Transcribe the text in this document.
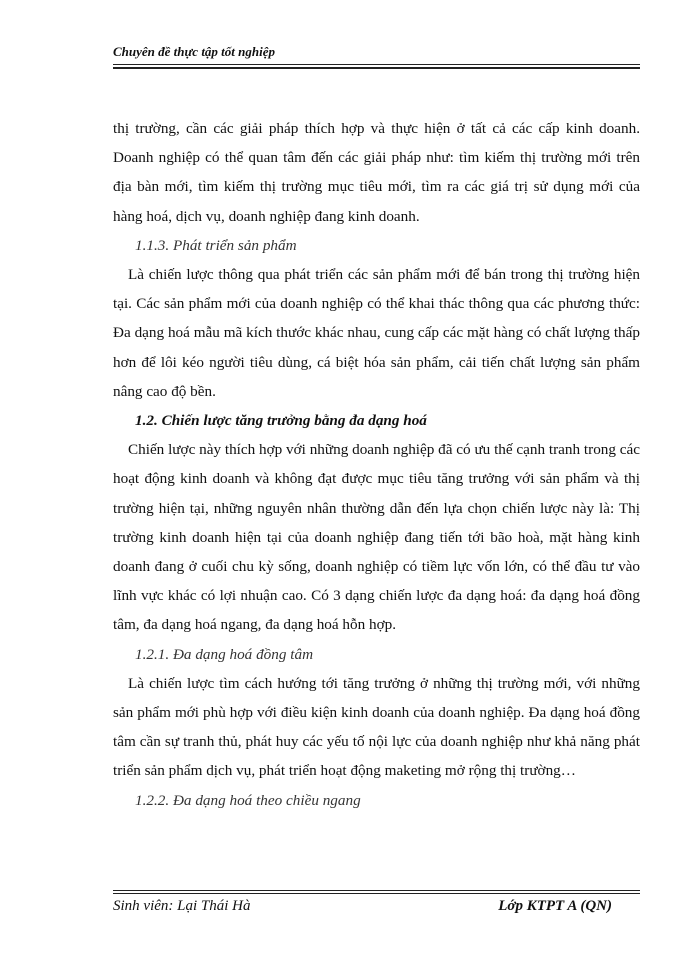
Chuyên đề thực tập tốt nghiệp

thị trường, cần các giải pháp thích hợp và thực hiện ở tất cả các cấp kinh doanh. Doanh nghiệp có thể quan tâm đến các giải pháp như: tìm kiếm thị trường mới trên địa bàn mới, tìm kiếm thị trường mục tiêu mới, tìm ra các giá trị sử dụng mới của hàng hoá, dịch vụ, doanh nghiệp đang kinh doanh.

1.1.3. Phát triển sản phẩm

Là chiến lược thông qua phát triển các sản phẩm mới để bán trong thị trường hiện tại. Các sản phẩm mới của doanh nghiệp có thể khai thác thông qua các phương thức: Đa dạng hoá mẫu mã kích thước khác nhau, cung cấp các mặt hàng có chất lượng thấp hơn để lôi kéo người tiêu dùng, cá biệt hóa sản phẩm, cải tiến chất lượng sản phẩm nâng cao độ bền.

1.2. Chiến lược tăng trưởng bằng đa dạng hoá

Chiến lược này thích hợp với những doanh nghiệp đã có ưu thế cạnh tranh trong các hoạt động kinh doanh và không đạt được mục tiêu tăng trưởng với sản phẩm và thị trường hiện tại, những nguyên nhân thường dẫn đến lựa chọn chiến lược này là: Thị trường kinh doanh hiện tại của doanh nghiệp đang tiến tới bão hoà, mặt hàng kinh doanh đang ở cuối chu kỳ sống, doanh nghiệp có tiềm lực vốn lớn, có thể đầu tư vào lĩnh vực khác có lợi nhuận cao. Có 3 dạng chiến lược đa dạng hoá: đa dạng hoá đồng tâm, đa dạng hoá ngang, đa dạng hoá hỗn hợp.

1.2.1. Đa dạng hoá đồng tâm

Là chiến lược tìm cách hướng tới tăng trưởng ở những thị trường mới, với những sản phẩm mới phù hợp với điều kiện kinh doanh của doanh nghiệp. Đa dạng hoá đồng tâm cần sự tranh thủ, phát huy các yếu tố nội lực của doanh nghiệp như khả năng phát triển sản phẩm dịch vụ, phát triển hoạt động maketing mở rộng thị trường…

1.2.2. Đa dạng hoá theo chiều ngang

Sinh viên: Lại Thái Hà	Lớp KTPT A (QN)
